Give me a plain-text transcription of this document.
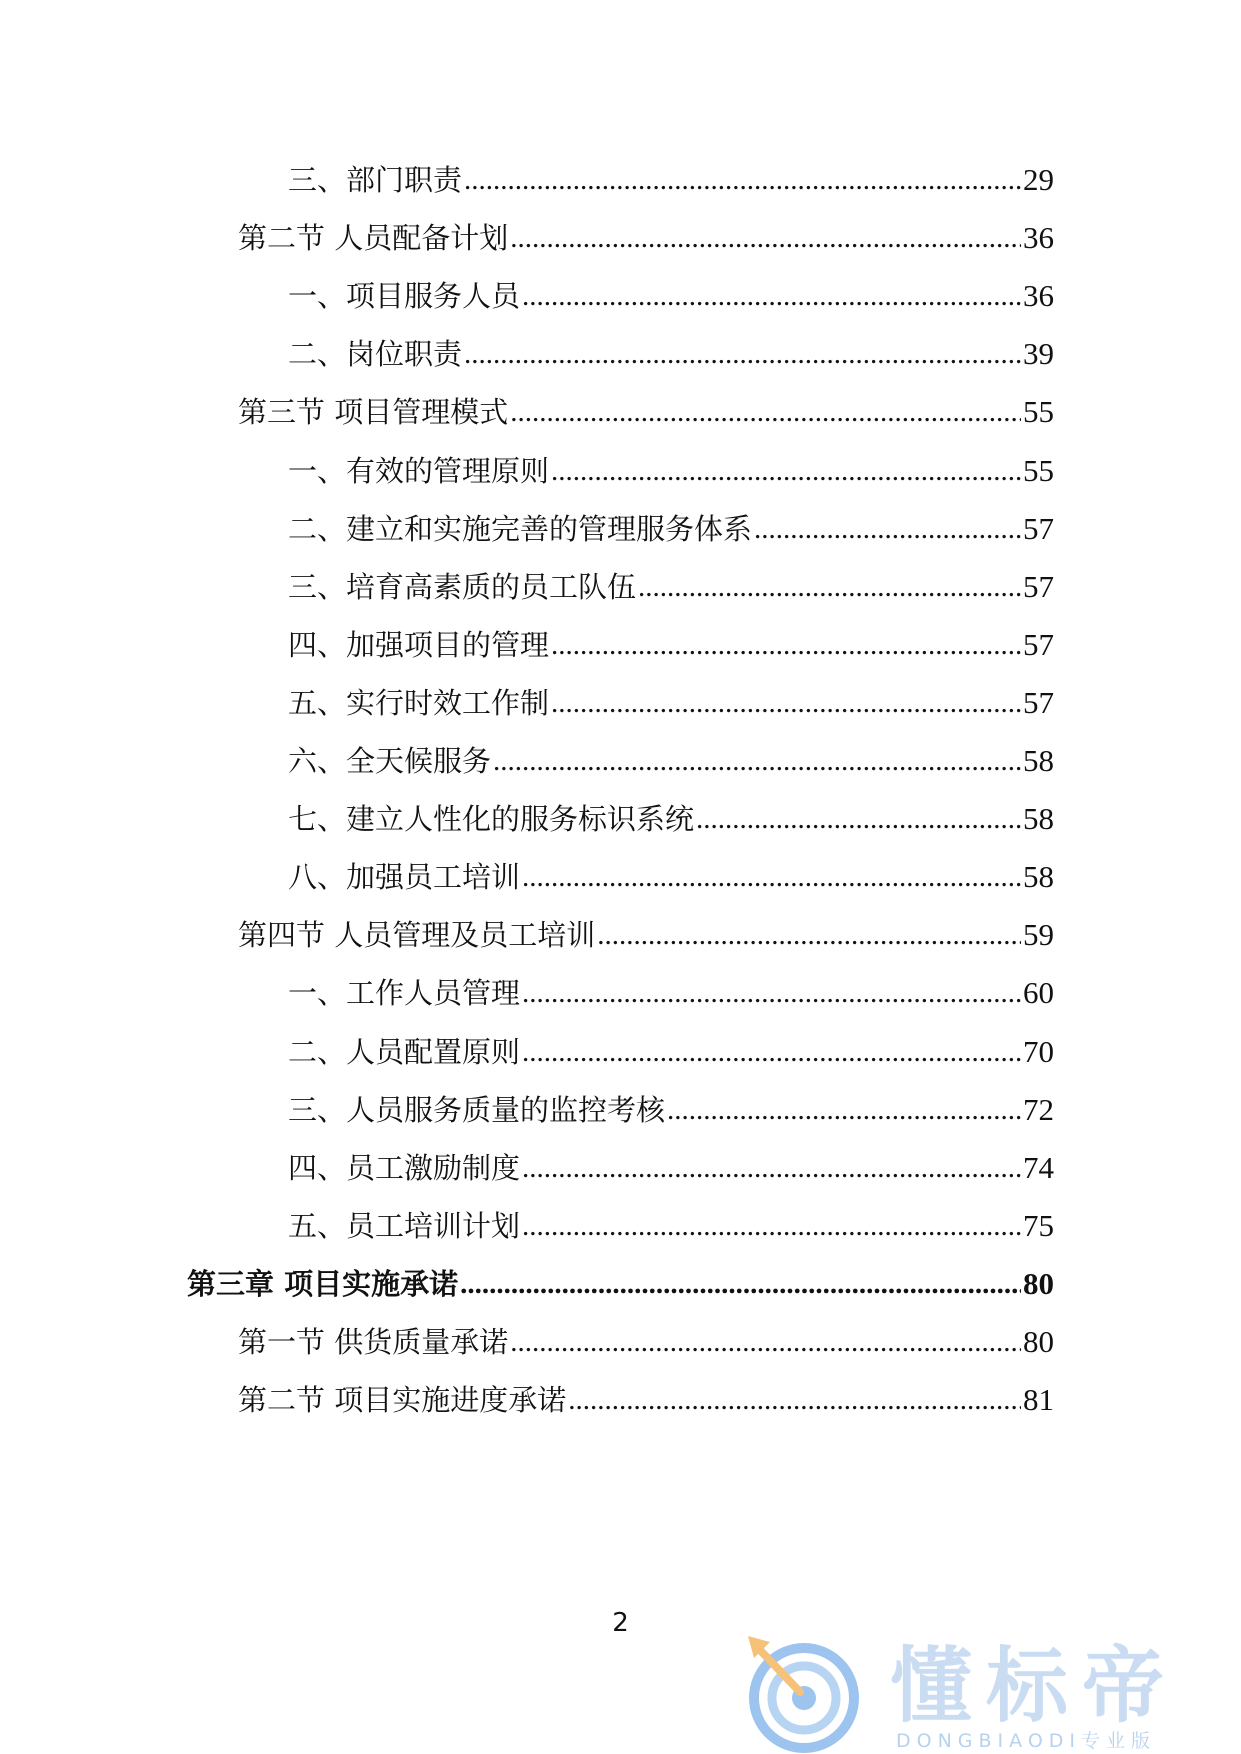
三、部门职责 .....	29
第二节 人员配备计划 .....	36
一、项目服务人员 .....	36
二、岗位职责 .....	39
第三节 项目管理模式 .....	55
一、有效的管理原则 .....	55
二、建立和实施完善的管理服务体系 .....	57
三、培育高素质的员工队伍 .....	57
四、加强项目的管理 .....	57
五、实行时效工作制 .....	57
六、全天候服务 .....	58
七、建立人性化的服务标识系统 .....	58
八、加强员工培训 .....	58
第四节 人员管理及员工培训 .....	59
一、工作人员管理 .....	60
二、人员配置原则 .....	70
三、人员服务质量的监控考核 .....	72
四、员工激励制度 .....	74
五、员工培训计划 .....	75
第三章 项目实施承诺 .....	80
第一节 供货质量承诺 .....	80
第二节 项目实施进度承诺 .....	81
2
懂标帝
DONGBIAODI专业版
